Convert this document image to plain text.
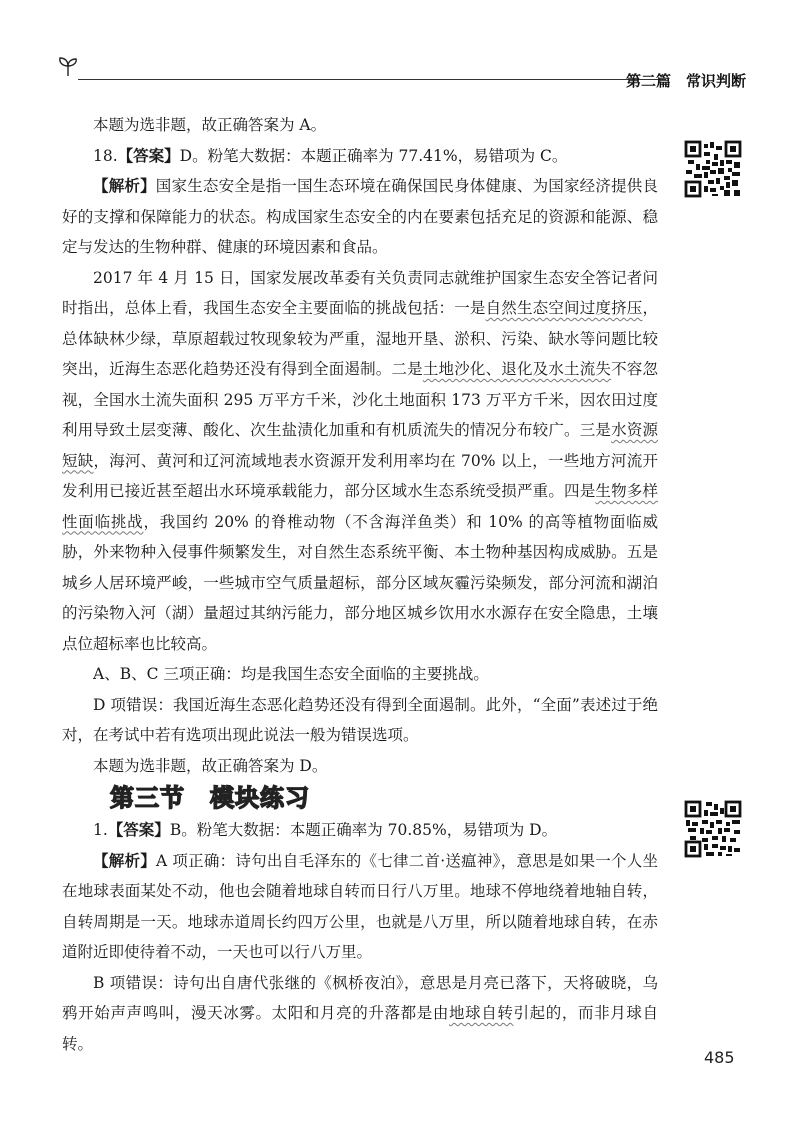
第二篇　常识判断

本题为选非题，故正确答案为 A。

18.【答案】D。粉笔大数据：本题正确率为 77.41%，易错项为 C。

【解析】国家生态安全是指一国生态环境在确保国民身体健康、为国家经济提供良好的支撑和保障能力的状态。构成国家生态安全的内在要素包括充足的资源和能源、稳定与发达的生物种群、健康的环境因素和食品。

2017 年 4 月 15 日，国家发展改革委有关负责同志就维护国家生态安全答记者问时指出，总体上看，我国生态安全主要面临的挑战包括：一是自然生态空间过度挤压，总体缺林少绿，草原超载过牧现象较为严重，湿地开垦、淤积、污染、缺水等问题比较突出，近海生态恶化趋势还没有得到全面遏制。二是土地沙化、退化及水土流失不容忽视，全国水土流失面积 295 万平方千米，沙化土地面积 173 万平方千米，因农田过度利用导致土层变薄、酸化、次生盐渍化加重和有机质流失的情况分布较广。三是水资源短缺，海河、黄河和辽河流域地表水资源开发利用率均在 70% 以上，一些地方河流开发利用已接近甚至超出水环境承载能力，部分区域水生态系统受损严重。四是生物多样性面临挑战，我国约 20% 的脊椎动物（不含海洋鱼类）和 10% 的高等植物面临威胁，外来物种入侵事件频繁发生，对自然生态系统平衡、本土物种基因构成威胁。五是城乡人居环境严峻，一些城市空气质量超标，部分区域灰霾污染频发，部分河流和湖泊的污染物入河（湖）量超过其纳污能力，部分地区城乡饮用水水源存在安全隐患，土壤点位超标率也比较高。

A、B、C 三项正确：均是我国生态安全面临的主要挑战。

D 项错误：我国近海生态恶化趋势还没有得到全面遏制。此外，“全面”表述过于绝对，在考试中若有选项出现此说法一般为错误选项。

本题为选非题，故正确答案为 D。

第三节　模块练习

1.【答案】B。粉笔大数据：本题正确率为 70.85%，易错项为 D。

【解析】A 项正确：诗句出自毛泽东的《七律二首·送瘟神》，意思是如果一个人坐在地球表面某处不动，他也会随着地球自转而日行八万里。地球不停地绕着地轴自转，自转周期是一天。地球赤道周长约四万公里，也就是八万里，所以随着地球自转，在赤道附近即使待着不动，一天也可以行八万里。

B 项错误：诗句出自唐代张继的《枫桥夜泊》，意思是月亮已落下，天将破晓，乌鸦开始声声鸣叫，漫天冰雾。太阳和月亮的升落都是由地球自转引起的，而非月球自转。

485
